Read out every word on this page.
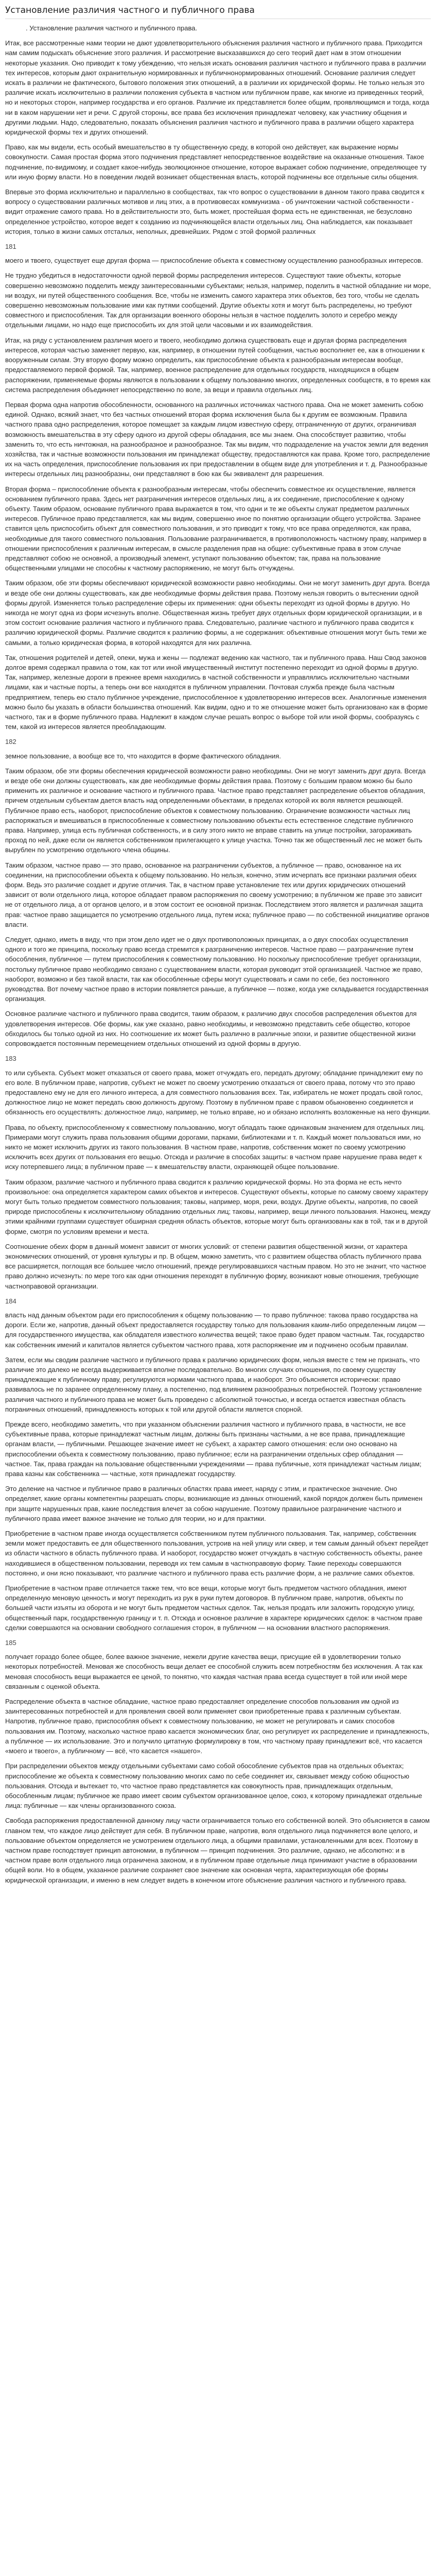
Установление различия частного и публичного права

. Установление различия частного и публичного права.

Итак, все рассмотренные нами теории не дают удовлетворительного объяснения различия частного и публичного права. Приходится нам самим подыскать объяснение этого различия. И рассмотрение высказавшихся до сего теорий дает нам в этом отношении некоторые указания. Оно приводит к тому убеждению, что нельзя искать основания различия частного и публичного права в различии тех интересов, которым дают охранительную нормированных и публичнонормированных отношений. Основание различия следует искать в различии не фактического, бытового положения этих отношений, а в различии их юридической формы. Не только нельзя это различие искать исключительно в различии положения субъекта в частном или публичном праве, как многие из приведенных теорий, но и некоторых сторон, например государства и его органов. Различие их представляется более общим, проявляющимся и тогда, когда ни в каком нарушении нет и речи. С другой стороны, все права без исключения принадлежат человеку, как участнику общения и другими людьми. Надо, следовательно, показать объяснения различия частного и публичного права в различии общего характера юридической формы тех и других отношений.

Право, как мы видели, есть особый вмешательство в ту общественную среду, в которой оно действует, как выражение нормы совокупности. Самая простая форма этого подчинения представляет непосредственное воздействие на оказанные отношения. Такое подчинение, по-видимому, и создает какое-нибудь эволюционное отношение, которое выражает собою подчинение, определяющее ту или иную форму власти. Но в поведении людей возникает общественная власть, которой подчинены все отдельные силы общения.

Впервые это форма исключительно и параллельно в сообществах, так что вопрос о существовании в данном такого права сводится к вопросу о существовании различных мотивов и лиц этих, а в противовесах коммунизма - об уничтожении частной собственности - видит отражение самого права. Но в действительности это, быть может, простейшая форма есть не единственная, не безусловно определенное устройство, которое ведет к созданию из подчиняющейся власти отдельных лиц. Она наблюдается, как показывает история, только в жизни самых отсталых, неполных, древнейших. Рядом с этой формой различных

181

моего и твоего, существует еще другая форма — приспособление объекта к совместному осуществлению разнообразных интересов.

Не трудно убедиться в недостаточности одной первой формы распределения интересов. Существуют такие объекты, которые совершенно невозможно подделить между заинтересованными субъектами; нельзя, например, поделить в частной обладание ни море, ни воздух, ни путей общественного сообщения. Все, чтобы не изменить самого характера этих объектов, без того, чтобы не сделать совершенно невозможным пользование ими как путями сообщений. Другие объекты хотя и могут быть распределены, но требуют совместного и приспособления. Так для организации военного обороны нельзя в частное подделить золото и серебро между отдельными лицами, но надо еще приспособить их для этой цели часовыми и их взаимодействия.

Итак, на ряду с установлением различия моего и твоего, необходимо должна существовать еще и другая форма распределения интересов, которая частью заменяет первую, как, например, в отношении путей сообщения, частью восполняет ее, как в отношении к вооруженным силам. Эту вторую форму можно определить, как приспособление объекта к разнообразным интересам вообще, предоставляемого первой формой. Так, например, военное распределение для отдельных государств, находящихся в общем распоряжении, применяемые формы являются в пользовании к общему пользованию многих, определенных сообществ, в то время как система распределения объединяет непосредственно по воле, за вещи и правила отдельных лиц.

Первая форма одна напротив обособленности, основанного на различных источниках частного права. Она не может заменить собою единой. Однако, всякий знает, что без частных отношений вторая форма исключения была бы к другим ее возможным. Правила частного права одно распределения, которое помещает за каждым лицом известную сферу, отграниченную от других, ограничивая возможность вмешательства в эту сферу одного из другой сферы обладания, все мы знаем. Она способствует развитию, чтобы заменить то, что есть ничтожная, на разнообразное и разнообразное. Так мы видим, что подразделение на участок земли для ведения хозяйства, так и частные возможности пользования им принадлежат обществу, предоставляются как права. Кроме того, распределение их на часть определения, приспособление пользования их при предоставлении в общем виде для употребления и т. д. Разнообразные интересы отдельных лиц разнообразны, они представляют в бою как бы эквивалент для разрешения.

Вторая форма – приспособление объекта к разнообразным интересам, чтобы обеспечить совместное их осуществление, является основанием публичного права. Здесь нет разграничения интересов отдельных лиц, а их соединение, приспособление к одному объекту. Таким образом, основание публичного права выражается в том, что одни и те же объекты служат предметом различных интересов. Публичное право представляется, как мы видим, совершенно иное по понятию организации общего устройства. Заранее ставится цель приспособить объект для совместного пользования, и это приводит к тому, что все права определяются, как права, необходимые для такого совместного пользования. Пользование разграничивается, в противоположность частному праву, например в отношении приспособления к различным интересам, в смысле разделения прав на общие: субъективные права в этом случае представляют собою не основной, а производный элемент, уступают пользованию объектом; так, права на пользование общественными улицами не способны к частному распоряжению, не могут быть отчуждены.

Таким образом, обе эти формы обеспечивают юридической возможности равно необходимы. Они не могут заменить друг друга. Всегда и везде обе они должны существовать, как две необходимые формы действия права. Поэтому нельзя говорить о вытеснении одной формы другой. Изменяется только распределение сферы их применения: одни объекты переходят из одной формы в другую. Но никогда не могут одна из форм исчезнуть вполне. Общественная жизнь требует двух отдельных форм юридической организации, и в этом состоит основание различия частного и публичного права. Следовательно, различие частного и публичного права сводится к различию юридической формы. Различие сводится к различию формы, а не содержания: объективные отношения могут быть теми же самыми, а только юридическая форма, в которой находятся для них различна.

Так, отношения родителей и детей, опеки, мужа и жены — подлежат ведению как частного, так и публичного права. Наш Свод законов долгое время содержал правила о том, как тот или иной имущественный институт постепенно переходит из одной формы в другую. Так, например, железные дороги в прежнее время находились в частной собственности и управлялись исключительно частными лицами, как и частные порты, а теперь они все находятся в публичном управлении. Почтовая служба прежде была частным предприятием, теперь ею стало публичное учреждение, приспособленное к удовлетворению интересов всех. Аналогичные изменения можно было бы указать в области большинства отношений. Как видим, одно и то же отношение может быть организовано как в форме частного, так и в форме публичного права. Надлежит в каждом случае решать вопрос о выборе той или иной формы, сообразуясь с тем, какой из интересов является преобладающим.

182

земное пользование, а вообще все то, что находится в форме фактического обладания.

Таким образом, обе эти формы обеспечения юридической возможности равно необходимы. Они не могут заменить друг друга. Всегда и везде обе они должны существовать, как две необходимые формы действия права. Поэтому с большим правом можно бы было применить их различное и основание частного и публичного права. Частное право представляет распределение объектов обладания, причем отдельным субъектам дается власть над определенными объектами, в пределах которой их воля является решающей. Публичное право есть, наоборот, приспособление объектов к совместному пользованию. Ограничение возможности частных лиц распоряжаться и вмешиваться в приспособленные к совместному пользованию объекты есть естественное следствие публичного права. Например, улица есть публичная собственность, и в силу этого никто не вправе ставить на улице постройки, загораживать проход по ней, даже если он является собственником прилегающего к улице участка. Точно так же общественный лес не может быть вырублен по усмотрению отдельного члена общины.

Таким образом, частное право — это право, основанное на разграничении субъектов, а публичное — право, основанное на их соединении, на приспособлении объекта к общему пользованию. Но нельзя, конечно, этим исчерпать все признаки различия обеих форм. Ведь это различие создает и другие отличия. Так, в частном праве установление тех или других юридических отношений зависит от воли отдельного лица, которое обладает правом распоряжения по своему усмотрению; в публичном же праве это зависит не от отдельного лица, а от органов целого, и в этом состоит ее основной признак. Последствием этого является и различная защита прав: частное право защищается по усмотрению отдельного лица, путем иска; публичное право — по собственной инициативе органов власти.

Следует, однако, иметь в виду, что при этом дело идет не о двух противоположных принципах, а о двух способах осуществления одного и того же принципа, поскольку право всегда стремится к разграничению интересов. Частное право — разграничение путем обособления, публичное — путем приспособления к совместному пользованию. Но поскольку приспособление требует организации, постольку публичное право необходимо связано с существованием власти, которая руководит этой организацией. Частное же право, наоборот, возможно и без такой власти, так как обособленные сферы могут существовать и сами по себе, без постоянного руководства. Вот почему частное право в истории появляется раньше, а публичное — позже, когда уже складывается государственная организация.

Основное различие частного и публичного права сводится, таким образом, к различию двух способов распределения объектов для удовлетворения интересов. Обе формы, как уже сказано, равно необходимы, и невозможно представить себе общество, которое обходилось бы только одной из них. Но соотношение их может быть различно в различные эпохи, и развитие общественной жизни сопровождается постоянным перемещением отдельных отношений из одной формы в другую.

183

то или субъекта. Субъект может отказаться от своего права, может отчуждать его, передать другому; обладание принадлежит ему по его воле. В публичном праве, напротив, субъект не может по своему усмотрению отказаться от своего права, потому что это право предоставлено ему не для его личного интереса, а для совместного пользования всех. Так, избиратель не может продать свой голос, должностное лицо не может передать свою должность другому. Поэтому в публичном праве с правом обыкновенно соединяется и обязанность его осуществлять: должностное лицо, например, не только вправе, но и обязано исполнять возложенные на него функции.

Права, по объекту, приспособленному к совместному пользованию, могут обладать также одинаковым значением для отдельных лиц. Примерами могут служить права пользования общими дорогами, парками, библиотеками и т. п. Каждый может пользоваться ими, но никто не может исключить других из такого пользования. В частном праве, напротив, собственник может по своему усмотрению исключить всех других от пользования его вещью. Отсюда и различие в способах защиты: в частном праве нарушение права ведет к иску потерпевшего лица; в публичном праве — к вмешательству власти, охраняющей общее пользование.

Таким образом, различие частного и публичного права сводится к различию юридической формы. Но эта форма не есть нечто произвольное: она определяется характером самих объектов и интересов. Существуют объекты, которые по самому своему характеру могут быть только предметом совместного пользования; таковы, например, моря, реки, воздух. Другие объекты, напротив, по своей природе приспособлены к исключительному обладанию отдельных лиц; таковы, например, вещи личного пользования. Наконец, между этими крайними группами существует обширная средняя область объектов, которые могут быть организованы как в той, так и в другой форме, смотря по условиям времени и места.

Соотношение обеих форм в данный момент зависит от многих условий: от степени развития общественной жизни, от характера экономических отношений, от уровня культуры и пр. В общем, можно заметить, что с развитием общества область публичного права все расширяется, поглощая все большее число отношений, прежде регулировавшихся частным правом. Но это не значит, что частное право должно исчезнуть: по мере того как одни отношения переходят в публичную форму, возникают новые отношения, требующие частноправовой организации.

184

власть над данным объектом ради его приспособления к общему пользованию — то право публичное: такова право государства на дороги. Если же, напротив, данный объект предоставляется государству только для пользования каким-либо определенным лицом — для государственного имущества, как обладателя известного количества вещей; такое право будет правом частным. Так, государство как собственник имений и капиталов является субъектом частного права, хотя распоряжение им и подчинено особым правилам.

Затем, если мы сводим различие частного и публичного права к различию юридических форм, нельзя вместе с тем не признать, что различие это далеко не всегда выдерживается вполне последовательно. Во многих случаях отношения, по своему существу принадлежащие к публичному праву, регулируются нормами частного права, и наоборот. Это объясняется исторически: право развивалось не по заранее определенному плану, а постепенно, под влиянием разнообразных потребностей. Поэтому установление различия частного и публичного права не может быть проведено с абсолютной точностью, и всегда остается известная область пограничных отношений, принадлежность которых к той или другой области является спорной.

Прежде всего, необходимо заметить, что при указанном объяснении различия частного и публичного права, в частности, не все субъективные права, которые принадлежат частным лицам, должны быть признаны частными, а не все права, принадлежащие органам власти, — публичными. Решающее значение имеет не субъект, а характер самого отношения: если оно основано на приспособлении объекта к совместному пользованию, право публичное; если на разграничении отдельных сфер обладания — частное. Так, права граждан на пользование общественными учреждениями — права публичные, хотя принадлежат частным лицам; права казны как собственника — частные, хотя принадлежат государству.

Это деление на частное и публичное право в различных областях права имеет, наряду с этим, и практическое значение. Оно определяет, какие органы компетентны разрешать споры, возникающие из данных отношений, какой порядок должен быть применен при защите нарушенных прав, какие последствия влечет за собою нарушение. Поэтому правильное разграничение частного и публичного права имеет важное значение не только для теории, но и для практики.

Приобретение в частном праве иногда осуществляется собственником путем публичного пользования. Так, например, собственник земли может предоставить ее для общественного пользования, устроив на ней улицу или сквер, и тем самым данный объект перейдет из области частного в область публичного права. И наоборот, государство может отчуждать в частную собственность объекты, ранее находившиеся в общественном пользовании, переводя их тем самым в частноправовую форму. Такие переходы совершаются постоянно, и они ясно показывают, что различие частного и публичного права есть различие форм, а не различие самих объектов.

Приобретение в частном праве отличается также тем, что все вещи, которые могут быть предметом частного обладания, имеют определенную меновую ценность и могут переходить из рук в руки путем договоров. В публичном праве, напротив, объекты по большей части изъяты из оборота и не могут быть предметом частных сделок. Так, нельзя продать или заложить городскую улицу, общественный парк, государственную границу и т. п. Отсюда и основное различие в характере юридических сделок: в частном праве сделки совершаются на основании свободного соглашения сторон, в публичном — на основании властного распоряжения.

185

получает гораздо более общее, более важное значение, нежели другие качества вещи, присущие ей в удовлетворении только некоторых потребностей. Меновая же способность вещи делает ее способной служить всем потребностям без исключения. А так как меновая способность вещи выражается ее ценой, то понятно, что каждая частная права всегда существует в той или иной мере связанным с оценкой объекта.

Распределение объекта в частное обладание, частное право предоставляет определение способов пользования им одной из заинтересованных потребностей и для проявления своей воли применяет свои приобретенные права к различным субъектам. Напротив, публичное право, приспособляя объект к совместному пользованию, не может не регулировать и самих способов пользования им. Поэтому, насколько частное право касается экономических благ, оно регулирует их распределение и принадлежность, а публичное — их использование. Это и получило цитатную формулировку в том, что частному праву принадлежит всё, что касается «моего и твоего», а публичному — всё, что касается «нашего».

При распределении объектов между отдельными субъектами само собой обособление субъектов прав на отдельных объектах; приспособление же объекта к совместному пользованию многих само по себе соединяет их, связывает между собою общностью пользования. Отсюда и вытекает то, что частное право представляется как совокупность прав, принадлежащих отдельным, обособленным лицам; публичное же право имеет своим субъектом организованное целое, союз, к которому принадлежат отдельные лица: публичные — как члены организованного союза.

Свобода распоряжения предоставленной данному лицу части ограничивается только его собственной волей. Это объясняется в самом главном тем, что каждое лицо действует для себя. В публичном праве, напротив, воля отдельного лица подчиняется воле целого, и пользование объектом определяется не усмотрением отдельного лица, а общими правилами, установленными для всех. Поэтому в частном праве господствует принцип автономии, в публичном — принцип подчинения. Это различие, однако, не абсолютно: и в частном праве воля отдельного лица ограничена законом, и в публичном праве отдельные лица принимают участие в образовании общей воли. Но в общем, указанное различие сохраняет свое значение как основная черта, характеризующая обе формы юридической организации, и именно в нем следует видеть в конечном итоге объяснение различия частного и публичного права.
